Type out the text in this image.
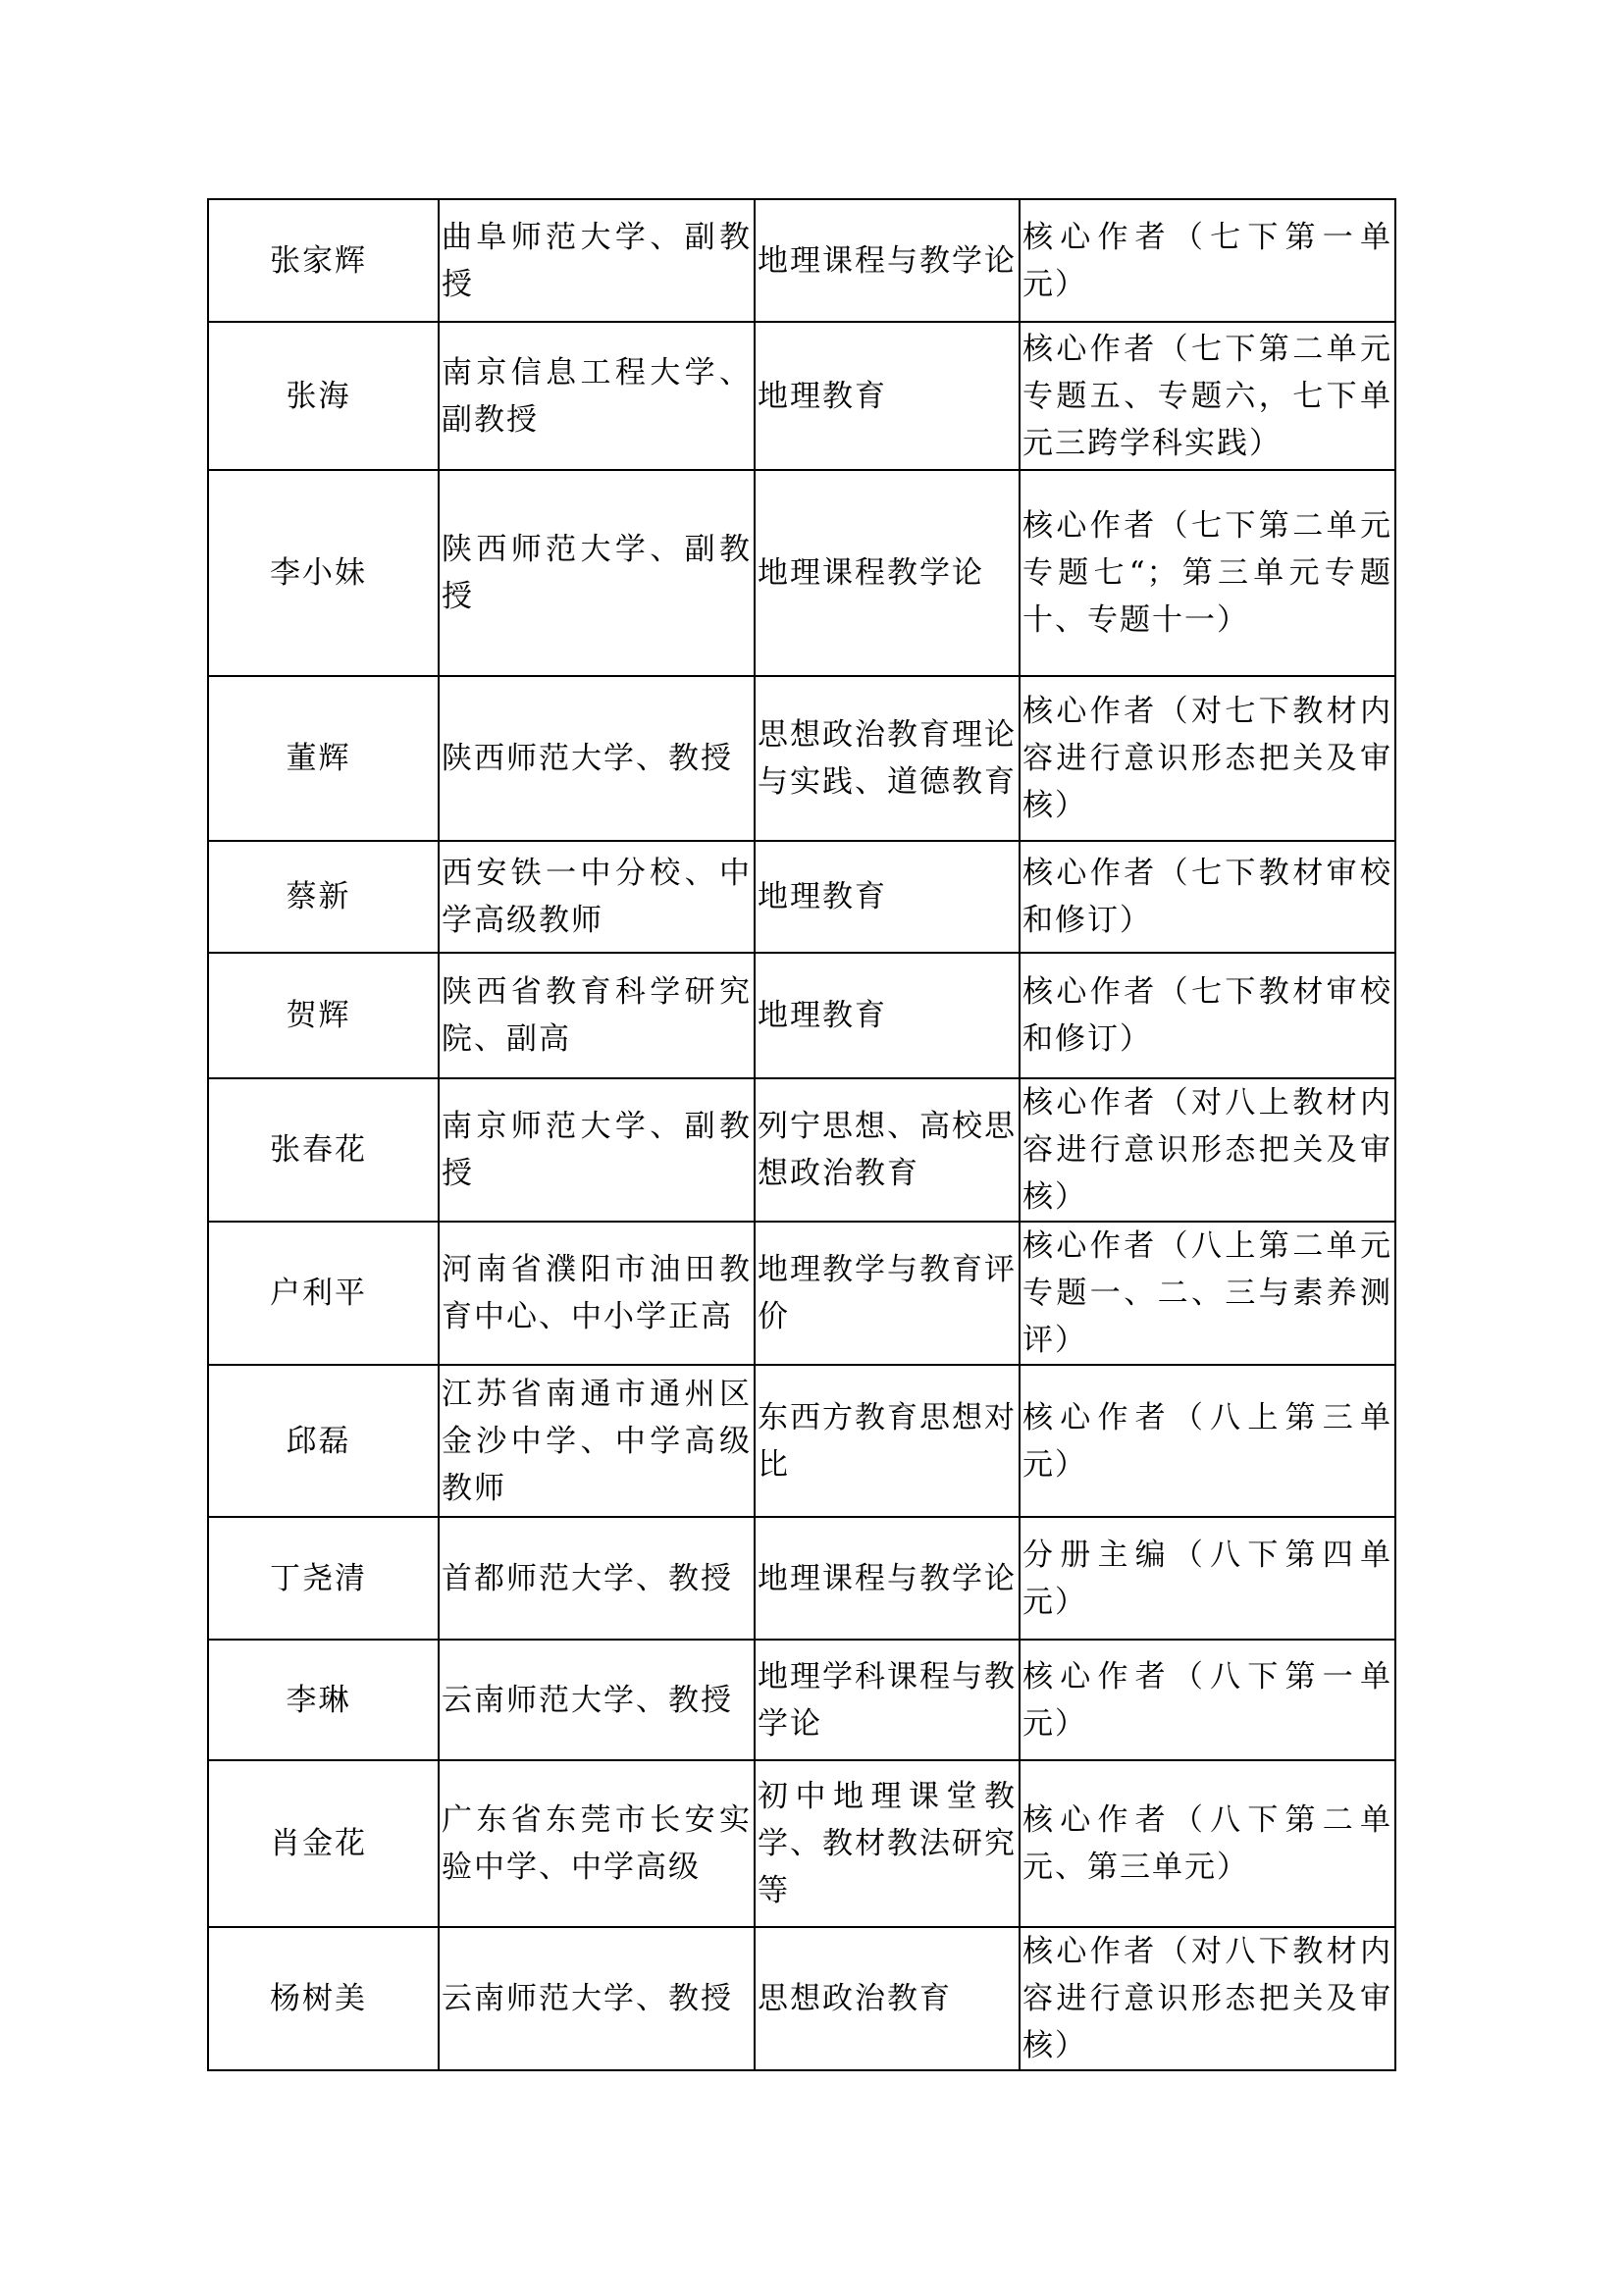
张家辉	曲阜师范大学、副教授	地理课程与教学论	核心作者（七下第一单元）
张海	南京信息工程大学、副教授	地理教育	核心作者（七下第二单元专题五、专题六，七下单元三跨学科实践）
李小妹	陕西师范大学、副教授	地理课程教学论	核心作者（七下第二单元专题七“；第三单元专题十、专题十一）
董辉	陕西师范大学、教授	思想政治教育理论与实践、道德教育	核心作者（对七下教材内容进行意识形态把关及审核）
蔡新	西安铁一中分校、中学高级教师	地理教育	核心作者（七下教材审校和修订）
贺辉	陕西省教育科学研究院、副高	地理教育	核心作者（七下教材审校和修订）
张春花	南京师范大学、副教授	列宁思想、高校思想政治教育	核心作者（对八上教材内容进行意识形态把关及审核）
户利平	河南省濮阳市油田教育中心、中小学正高	地理教学与教育评价	核心作者（八上第二单元专题一、二、三与素养测评）
邱磊	江苏省南通市通州区金沙中学、中学高级教师	东西方教育思想对比	核心作者（八上第三单元）
丁尧清	首都师范大学、教授	地理课程与教学论	分册主编（八下第四单元）
李琳	云南师范大学、教授	地理学科课程与教学论	核心作者（八下第一单元）
肖金花	广东省东莞市长安实验中学、中学高级	初中地理课堂教学、教材教法研究等	核心作者（八下第二单元、第三单元）
杨树美	云南师范大学、教授	思想政治教育	核心作者（对八下教材内容进行意识形态把关及审核）
